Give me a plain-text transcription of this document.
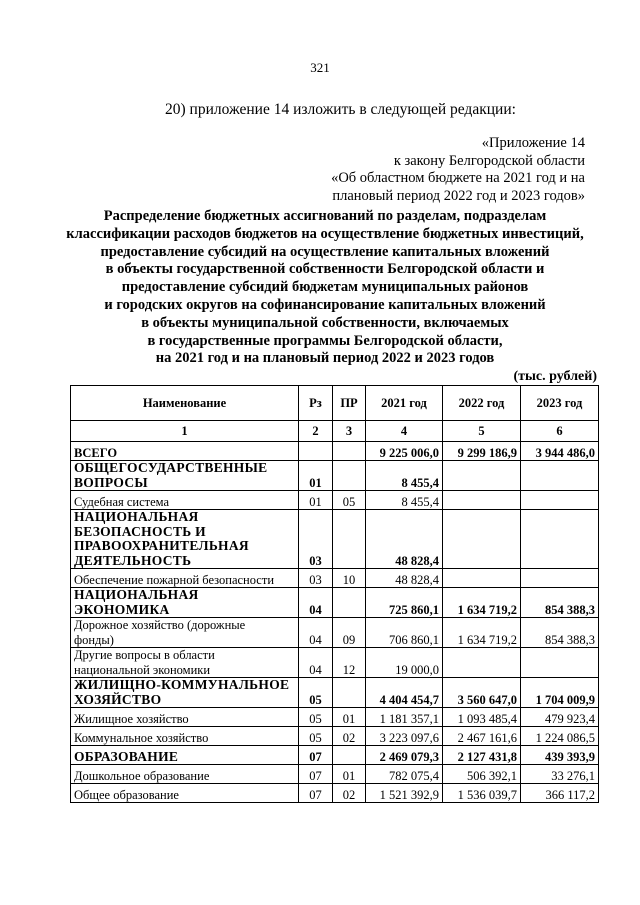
321
20) приложение 14 изложить в следующей редакции:
«Приложение 14
к закону Белгородской области
«Об областном бюджете на 2021 год и на
плановый период 2022 год и 2023 годов»
Распределение бюджетных ассигнований по разделам, подразделам
классификации расходов бюджетов на осуществление бюджетных инвестиций,
предоставление субсидий на осуществление капитальных вложений
в объекты государственной собственности Белгородской области и
предоставление субсидий бюджетам муниципальных районов
и городских округов на софинансирование капитальных вложений
в объекты муниципальной собственности, включаемых
в государственные программы Белгородской области,
на 2021 год и на плановый период 2022 и 2023 годов
(тыс. рублей)
Наименование	Рз	ПР	2021 год	2022 год	2023 год
1	2	3	4	5	6
ВСЕГО			9 225 006,0	9 299 186,9	3 944 486,0

ОБЩЕГОСУДАРСТВЕННЫЕ
ВОПРОСЫ	01		8 455,4		
Судебная система	01	05	8 455,4		

НАЦИОНАЛЬНАЯ
БЕЗОПАСНОСТЬ И
ПРАВООХРАНИТЕЛЬНАЯ
ДЕЯТЕЛЬНОСТЬ	03		48 828,4		
Обеспечение пожарной безопасности	03	10	48 828,4		
НАЦИОНАЛЬНАЯ ЭКОНОМИКА	04		725 860,1	1 634 719,2	854 388,3

Дорожное хозяйство (дорожные
фонды)	04	09	706 860,1	1 634 719,2	854 388,3

Другие вопросы в области
национальной экономики	04	12	19 000,0		

ЖИЛИЩНО-КОММУНАЛЬНОЕ
ХОЗЯЙСТВО	05		4 404 454,7	3 560 647,0	1 704 009,9
Жилищное хозяйство	05	01	1 181 357,1	1 093 485,4	479 923,4
Коммунальное хозяйство	05	02	3 223 097,6	2 467 161,6	1 224 086,5
ОБРАЗОВАНИЕ	07		2 469 079,3	2 127 431,8	439 393,9
Дошкольное образование	07	01	782 075,4	506 392,1	33 276,1
Общее образование	07	02	1 521 392,9	1 536 039,7	366 117,2
